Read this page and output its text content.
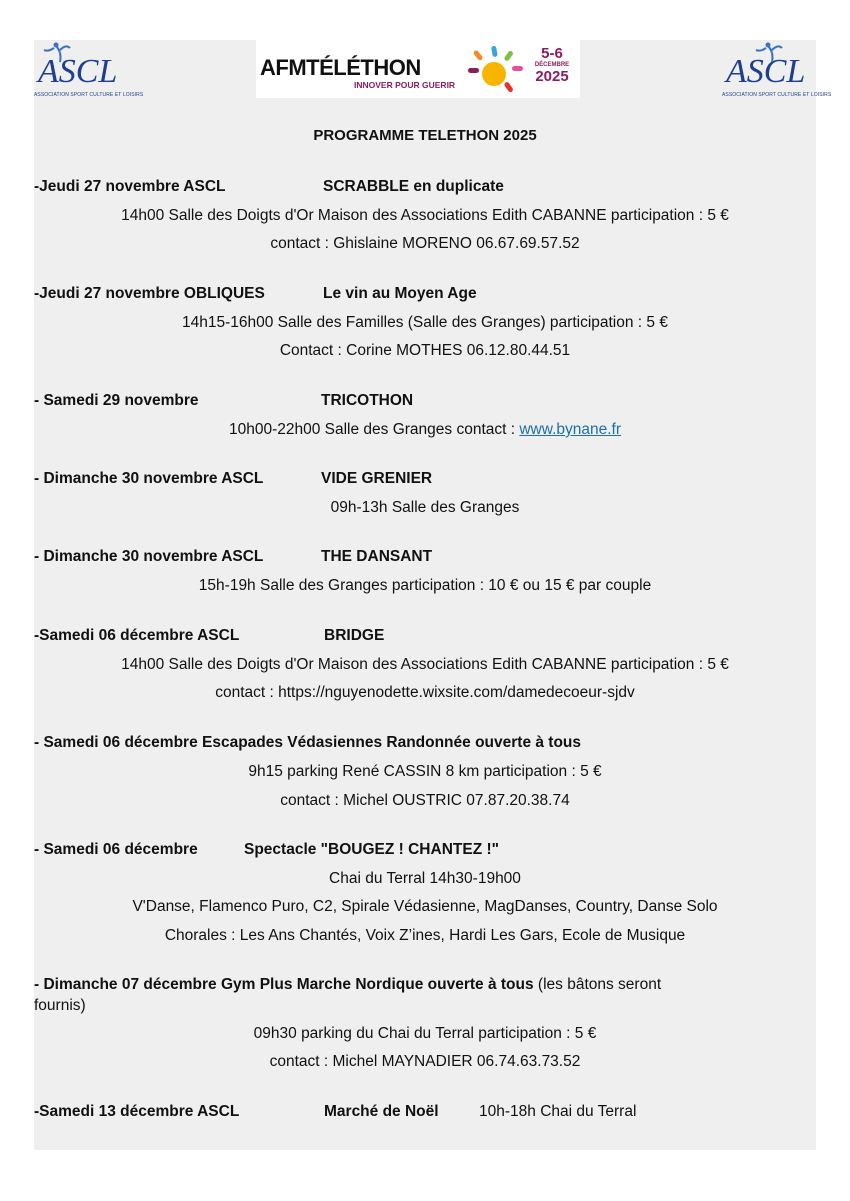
ASCL
ASSOCIATION SPORT CULTURE ET LOISIRS
ASCL
ASSOCIATION SPORT CULTURE ET LOISIRS
AFMTÉLÉTHON
INNOVER POUR GUERIR
5-6
DÉCEMBRE
2025
PROGRAMME TELETHON 2025
-Jeudi 27 novembre ASCL	SCRABBLE en duplicate
14h00 Salle des Doigts d'Or Maison des Associations Edith CABANNE participation : 5 €
contact : Ghislaine MORENO 06.67.69.57.52
-Jeudi 27 novembre OBLIQUES	Le vin au Moyen Age
14h15-16h00 Salle des Familles (Salle des Granges) participation : 5 €
Contact : Corine MOTHES 06.12.80.44.51
- Samedi 29 novembre	TRICOTHON
10h00-22h00 Salle des Granges contact : www.bynane.fr
- Dimanche 30 novembre ASCL	VIDE GRENIER
09h-13h Salle des Granges
- Dimanche 30 novembre ASCL	THE DANSANT
15h-19h Salle des Granges participation : 10 € ou 15 € par couple
-Samedi 06 décembre ASCL	BRIDGE
14h00 Salle des Doigts d'Or Maison des Associations Edith CABANNE participation : 5 €
contact : https://nguyenodette.wixsite.com/damedecoeur-sjdv
- Samedi 06 décembre Escapades Védasiennes Randonnée ouverte à tous
9h15 parking René CASSIN 8 km participation : 5 €
contact : Michel OUSTRIC 07.87.20.38.74
- Samedi 06 décembre	Spectacle "BOUGEZ ! CHANTEZ !"
Chai du Terral 14h30-19h00
V'Danse, Flamenco Puro, C2, Spirale Védasienne, MagDanses, Country, Danse Solo
Chorales : Les Ans Chantés, Voix Z’ines, Hardi Les Gars, Ecole de Musique
- Dimanche 07 décembre Gym Plus Marche Nordique ouverte à tous (les bâtons seront
fournis)
09h30 parking du Chai du Terral participation : 5 €
contact : Michel MAYNADIER 06.74.63.73.52
-Samedi 13 décembre ASCL	Marché de Noël	10h-18h Chai du Terral
